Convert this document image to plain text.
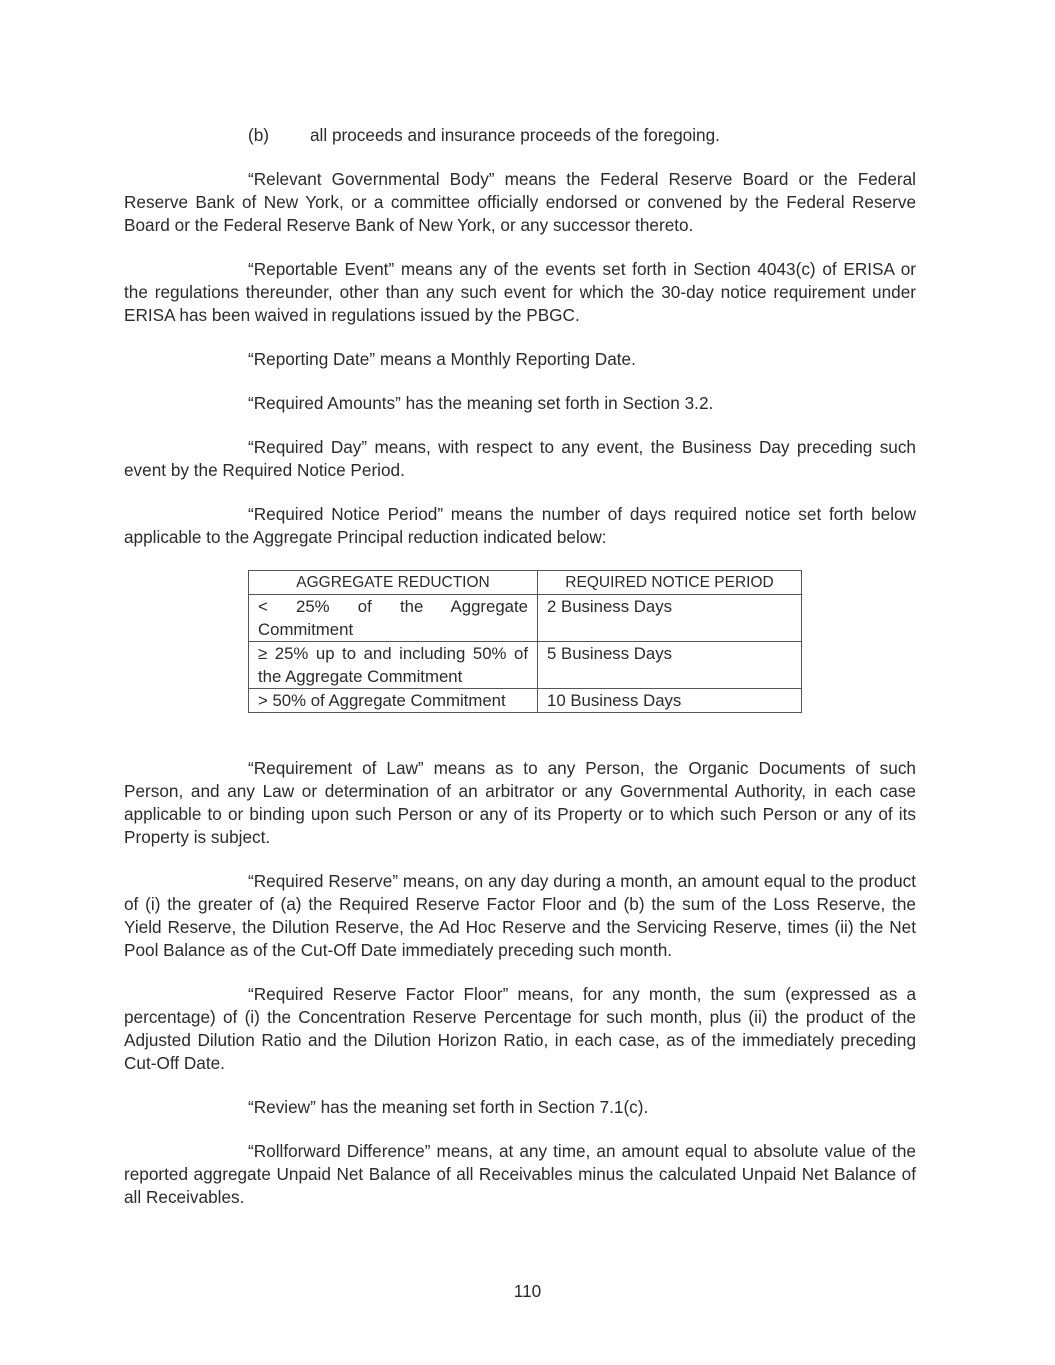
(b) all proceeds and insurance proceeds of the foregoing.

“Relevant Governmental Body” means the Federal Reserve Board or the Federal Reserve Bank of New York, or a committee officially endorsed or convened by the Federal Reserve Board or the Federal Reserve Bank of New York, or any successor thereto.

“Reportable Event” means any of the events set forth in Section 4043(c) of ERISA or the regulations thereunder, other than any such event for which the 30-day notice requirement under ERISA has been waived in regulations issued by the PBGC.

“Reporting Date” means a Monthly Reporting Date.

“Required Amounts” has the meaning set forth in Section 3.2.

“Required Day” means, with respect to any event, the Business Day preceding such event by the Required Notice Period.

“Required Notice Period” means the number of days required notice set forth below applicable to the Aggregate Principal reduction indicated below:

AGGREGATE REDUCTION	REQUIRED NOTICE PERIOD
< 25% of the Aggregate Commitment	2 Business Days
≥ 25% up to and including 50% of the Aggregate Commitment	5 Business Days
> 50% of Aggregate Commitment	10 Business Days

“Requirement of Law” means as to any Person, the Organic Documents of such Person, and any Law or determination of an arbitrator or any Governmental Authority, in each case applicable to or binding upon such Person or any of its Property or to which such Person or any of its Property is subject.

“Required Reserve” means, on any day during a month, an amount equal to the product of (i) the greater of (a) the Required Reserve Factor Floor and (b) the sum of the Loss Reserve, the Yield Reserve, the Dilution Reserve, the Ad Hoc Reserve and the Servicing Reserve, times (ii) the Net Pool Balance as of the Cut-Off Date immediately preceding such month.

“Required Reserve Factor Floor” means, for any month, the sum (expressed as a percentage) of (i) the Concentration Reserve Percentage for such month, plus (ii) the product of the Adjusted Dilution Ratio and the Dilution Horizon Ratio, in each case, as of the immediately preceding Cut-Off Date.

“Review” has the meaning set forth in Section 7.1(c).

“Rollforward Difference” means, at any time, an amount equal to absolute value of the reported aggregate Unpaid Net Balance of all Receivables minus the calculated Unpaid Net Balance of all Receivables.

110
